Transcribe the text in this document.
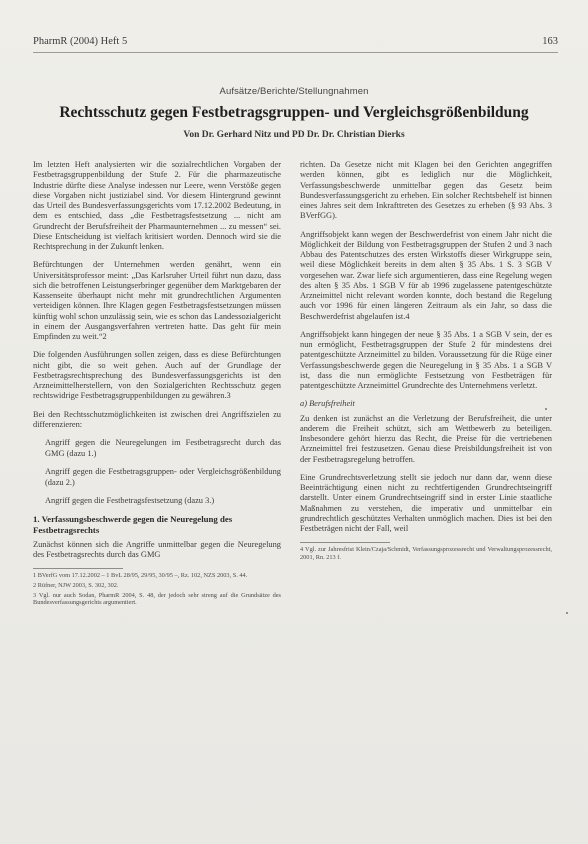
PharmR (2004) Heft 5	163
Aufsätze/Berichte/Stellungnahmen
Rechtsschutz gegen Festbetragsgruppen- und Vergleichsgrößenbildung
Von Dr. Gerhard Nitz und PD Dr. Dr. Christian Dierks

Im letzten Heft analysierten wir die sozialrechtlichen Vorgaben der Festbetragsgruppenbildung der Stufe 2. Für die pharmazeutische Industrie dürfte diese Analyse indessen nur Leere, wenn Verstöße gegen diese Vorgaben nicht justiziabel sind. Vor diesem Hintergrund gewinnt das Urteil des Bundesverfassungsgerichts vom 17.12.2002 Bedeutung, in dem es entschied, dass „die Festbetragsfestsetzung ... nicht am Grundrecht der Berufsfreiheit der Pharmaunternehmen ... zu messen“ sei. Diese Entscheidung ist vielfach kritisiert worden. Dennoch wird sie die Rechtsprechung in der Zukunft lenken.

Befürchtungen der Unternehmen werden genährt, wenn ein Universitätsprofessor meint: „Das Karlsruher Urteil führt nun dazu, dass sich die betroffenen Leistungserbringer gegenüber dem Marktgebaren der Kassenseite überhaupt nicht mehr mit grundrechtlichen Argumenten verteidigen können. Ihre Klagen gegen Festbetragsfestsetzungen müssen künftig wohl schon unzulässig sein, wie es schon das Landessozialgericht in einem der Ausgangsverfahren vertreten hatte. Das geht für mein Empfinden zu weit.“2

Die folgenden Ausführungen sollen zeigen, dass es diese Befürchtungen nicht gibt, die so weit gehen. Auch auf der Grundlage der Festbetragsrechtsprechung des Bundesverfassungsgerichts ist den Arzneimittelherstellern, von den Sozialgerichten Rechtsschutz gegen rechtswidrige Festbetragsgruppenbildungen zu gewähren.3

Bei den Rechtsschutzmöglichkeiten ist zwischen drei Angriffszielen zu differenzieren:

Angriff gegen die Neuregelungen im Festbetragsrecht durch das GMG (dazu 1.)

Angriff gegen die Festbetragsgruppen- oder Vergleichsgrößenbildung (dazu 2.)

Angriff gegen die Festbetragsfestsetzung (dazu 3.)

1. Verfassungsbeschwerde gegen die Neuregelung des Festbetragsrechts

Zunächst können sich die Angriffe unmittelbar gegen die Neuregelung des Festbetragsrechts durch das GMG

1 BVerfG vom 17.12.2002 – 1 BvL 28/95, 29/95, 30/95 –, Rz. 102, NZS 2003, S. 44.

2 Rüfner, NJW 2003, S. 302, 302.

3 Vgl. nur auch Sodan, PharmR 2004, S. 48, der jedoch sehr streng auf die Grundsätze des Bundesverfassungsgerichts argumentiert.

richten. Da Gesetze nicht mit Klagen bei den Gerichten angegriffen werden können, gibt es lediglich nur die Möglichkeit, Verfassungsbeschwerde unmittelbar gegen das Gesetz beim Bundesverfassungsgericht zu erheben. Ein solcher Rechtsbehelf ist binnen eines Jahres seit dem Inkrafttreten des Gesetzes zu erheben (§ 93 Abs. 3 BVerfGG).

Angriffsobjekt kann wegen der Beschwerdefrist von einem Jahr nicht die Möglichkeit der Bildung von Festbetragsgruppen der Stufen 2 und 3 nach Abbau des Patentschutzes des ersten Wirkstoffs dieser Wirkgruppe sein, weil diese Möglichkeit bereits in dem alten § 35 Abs. 1 S. 3 SGB V vorgesehen war. Zwar liefe sich argumentieren, dass eine Regelung wegen des alten § 35 Abs. 1 SGB V für ab 1996 zugelassene patentgeschützte Arzneimittel nicht relevant worden konnte, doch bestand die Regelung auch vor 1996 für einen längeren Zeitraum als ein Jahr, so dass die Beschwerdefrist abgelaufen ist.4

Angriffsobjekt kann hingegen der neue § 35 Abs. 1 a SGB V sein, der es nun ermöglicht, Festbetragsgruppen der Stufe 2 für mindestens drei patentgeschützte Arzneimittel zu bilden. Voraussetzung für die Rüge einer Verfassungsbeschwerde gegen die Neuregelung in § 35 Abs. 1 a SGB V ist, dass die nun ermöglichte Festsetzung von Festbeträgen für patentgeschützte Arzneimittel Grundrechte des Unternehmens verletzt.

a) Berufsfreiheit

Zu denken ist zunächst an die Verletzung der Berufsfreiheit, die unter anderem die Freiheit schützt, sich am Wettbewerb zu beteiligen. Insbesondere gehört hierzu das Recht, die Preise für die vertriebenen Arzneimittel frei festzusetzen. Genau diese Preisbildungsfreiheit ist von der Festbetragsregelung betroffen.

Eine Grundrechtsverletzung stellt sie jedoch nur dann dar, wenn diese Beeinträchtigung einen nicht zu rechtfertigenden Grundrechtseingriff darstellt. Unter einem Grundrechtseingriff sind in erster Linie staatliche Maßnahmen zu verstehen, die imperativ und unmittelbar ein grundrechtlich geschütztes Verhalten unmöglich machen. Dies ist bei den Festbeträgen nicht der Fall, weil

4 Vgl. zur Jahresfrist Klein/Czaja/Schmidt, Verfassungsprozessrecht und Verwaltungsprozessrecht, 2001, Rn. 213 f.
